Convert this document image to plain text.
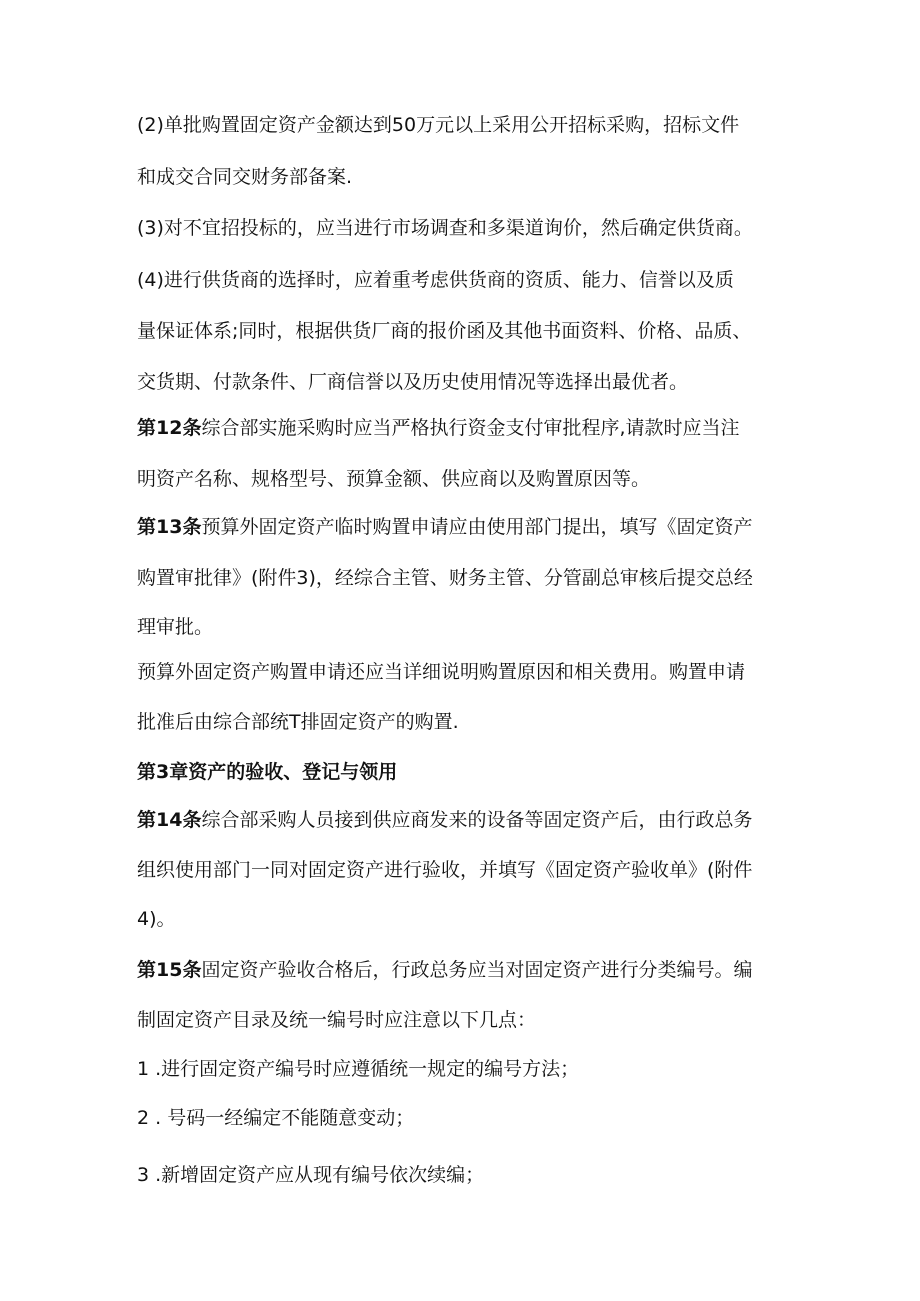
(2)单批购置固定资产金额达到50万元以上采用公开招标采购，招标文件
和成交合同交财务部备案.
(3)对不宜招投标的，应当进行市场调查和多渠道询价，然后确定供货商。
(4)进行供货商的选择时，应着重考虑供货商的资质、能力、信誉以及质
量保证体系;同时，根据供货厂商的报价函及其他书面资料、价格、品质、
交货期、付款条件、厂商信誉以及历史使用情况等选择出最优者。
第12条综合部实施采购时应当严格执行资金支付审批程序,请款时应当注
明资产名称、规格型号、预算金额、供应商以及购置原因等。
第13条预算外固定资产临时购置申请应由使用部门提出，填写《固定资产
购置审批律》(附件3)，经综合主管、财务主管、分管副总审核后提交总经
理审批。
预算外固定资产购置申请还应当详细说明购置原因和相关费用。购置申请
批准后由综合部统T排固定资产的购置.
第3章资产的验收、登记与领用
第14条综合部采购人员接到供应商发来的设备等固定资产后，由行政总务
组织使用部门一同对固定资产进行验收，并填写《固定资产验收单》(附件
4)。
第15条固定资产验收合格后，行政总务应当对固定资产进行分类编号。编
制固定资产目录及统一编号时应注意以下几点：
1 .进行固定资产编号时应遵循统一规定的编号方法；
2 . 号码一经编定不能随意变动；
3 .新增固定资产应从现有编号依次续编；
